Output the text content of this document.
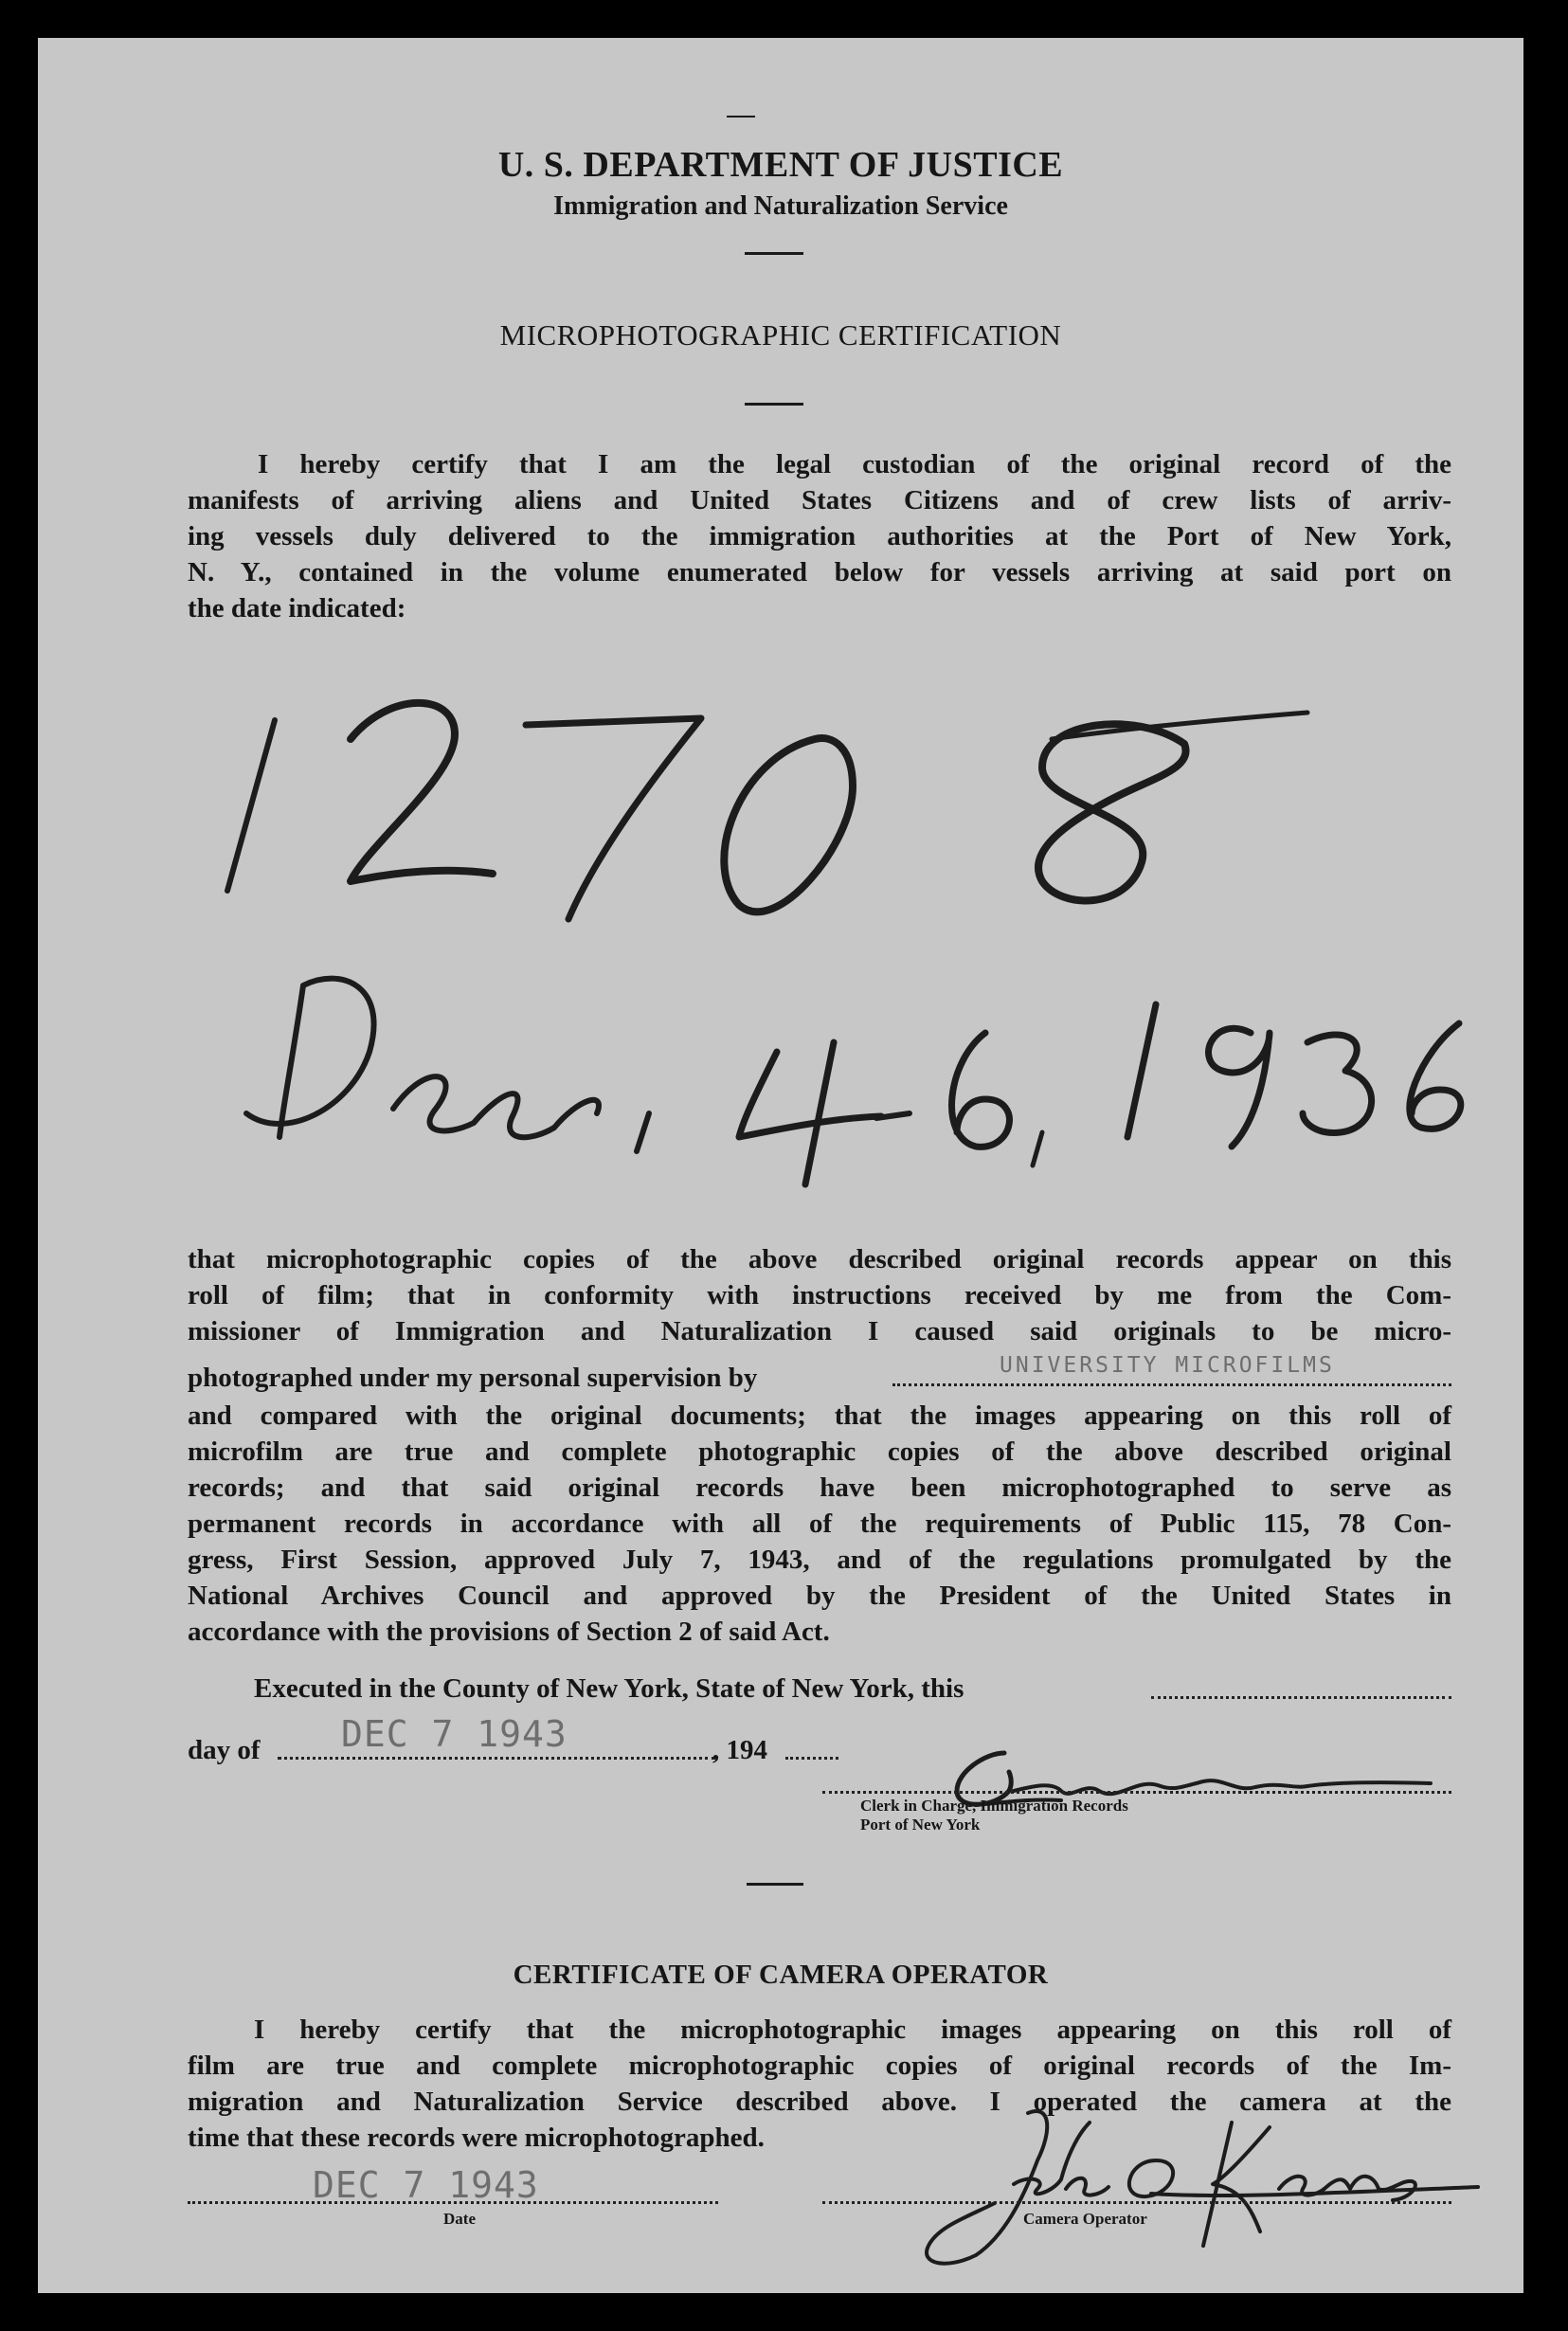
U. S. DEPARTMENT OF JUSTICE
Immigration and Naturalization Service
MICROPHOTOGRAPHIC CERTIFICATION
I hereby certify that I am the legal custodian of the original record of the
manifests of arriving aliens and United States Citizens and of crew lists of arriv-
ing vessels duly delivered to the immigration authorities at the Port of New York,
N. Y., contained in the volume enumerated below for vessels arriving at said port on
the date indicated:
that microphotographic copies of the above described original records appear on this
roll of film; that in conformity with instructions received by me from the Com-
missioner of Immigration and Naturalization I caused said originals to be micro-
photographed under my personal supervision by	UNIVERSITY MICROFILMS
and compared with the original documents; that the images appearing on this roll of
microfilm are true and complete photographic copies of the above described original
records; and that said original records have been microphotographed to serve as
permanent records in accordance with all of the requirements of Public 115, 78 Con-
gress, First Session, approved July 7, 1943, and of the regulations promulgated by the
National Archives Council and approved by the President of the United States in
accordance with the provisions of Section 2 of said Act.
Executed in the County of New York, State of New York, this
day of DEC 7 1943	, 194
Clerk in Charge, Immigration Records
Port of New York
CERTIFICATE OF CAMERA OPERATOR
I hereby certify that the microphotographic images appearing on this roll of
film are true and complete microphotographic copies of original records of the Im-
migration and Naturalization Service described above. I operated the camera at the
time that these records were microphotographed.
DEC 7 1943
Date	Camera Operator
